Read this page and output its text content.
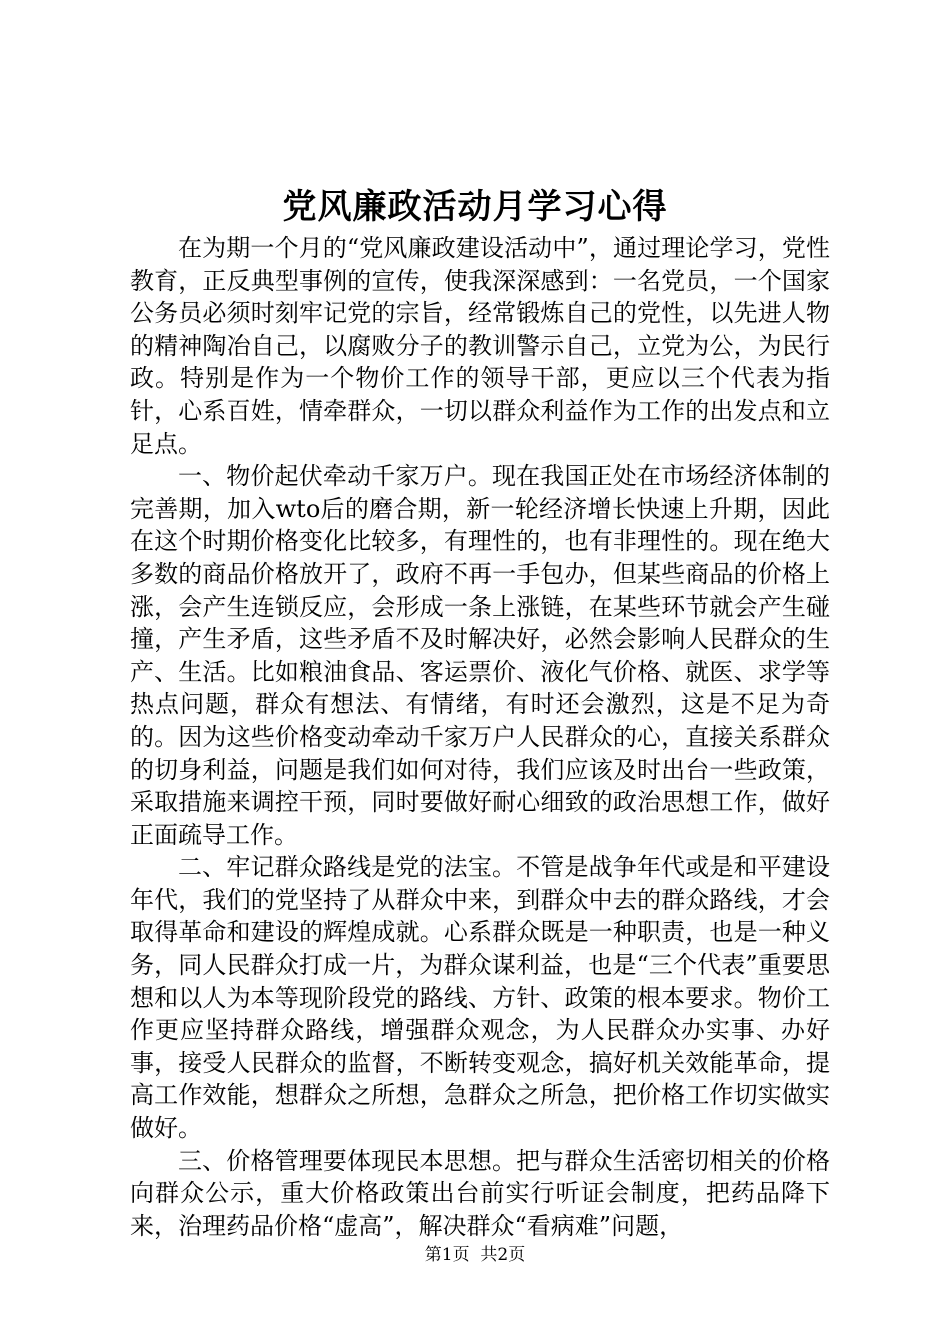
党风廉政活动月学习心得

在为期一个月的“党风廉政建设活动中”，通过理论学习，党性教育，正反典型事例的宣传，使我深深感到：一名党员，一个国家公务员必须时刻牢记党的宗旨，经常锻炼自己的党性，以先进人物的精神陶冶自己，以腐败分子的教训警示自己，立党为公，为民行政。特别是作为一个物价工作的领导干部，更应以三个代表为指针，心系百姓，情牵群众，一切以群众利益作为工作的出发点和立足点。

一、物价起伏牵动千家万户。现在我国正处在市场经济体制的完善期，加入wto后的磨合期，新一轮经济增长快速上升期，因此在这个时期价格变化比较多，有理性的，也有非理性的。现在绝大多数的商品价格放开了，政府不再一手包办，但某些商品的价格上涨，会产生连锁反应，会形成一条上涨链，在某些环节就会产生碰撞，产生矛盾，这些矛盾不及时解决好，必然会影响人民群众的生产、生活。比如粮油食品、客运票价、液化气价格、就医、求学等热点问题，群众有想法、有情绪，有时还会激烈，这是不足为奇的。因为这些价格变动牵动千家万户人民群众的心，直接关系群众的切身利益，问题是我们如何对待，我们应该及时出台一些政策，采取措施来调控干预，同时要做好耐心细致的政治思想工作，做好正面疏导工作。

二、牢记群众路线是党的法宝。不管是战争年代或是和平建设年代，我们的党坚持了从群众中来，到群众中去的群众路线，才会取得革命和建设的辉煌成就。心系群众既是一种职责，也是一种义务，同人民群众打成一片，为群众谋利益，也是“三个代表”重要思想和以人为本等现阶段党的路线、方针、政策的根本要求。物价工作更应坚持群众路线，增强群众观念，为人民群众办实事、办好事，接受人民群众的监督，不断转变观念，搞好机关效能革命，提高工作效能，想群众之所想，急群众之所急，把价格工作切实做实做好。

三、价格管理要体现民本思想。把与群众生活密切相关的价格向群众公示，重大价格政策出台前实行听证会制度，把药品降下来，治理药品价格“虚高”，解决群众“看病难”问题，

第1页  共2页
